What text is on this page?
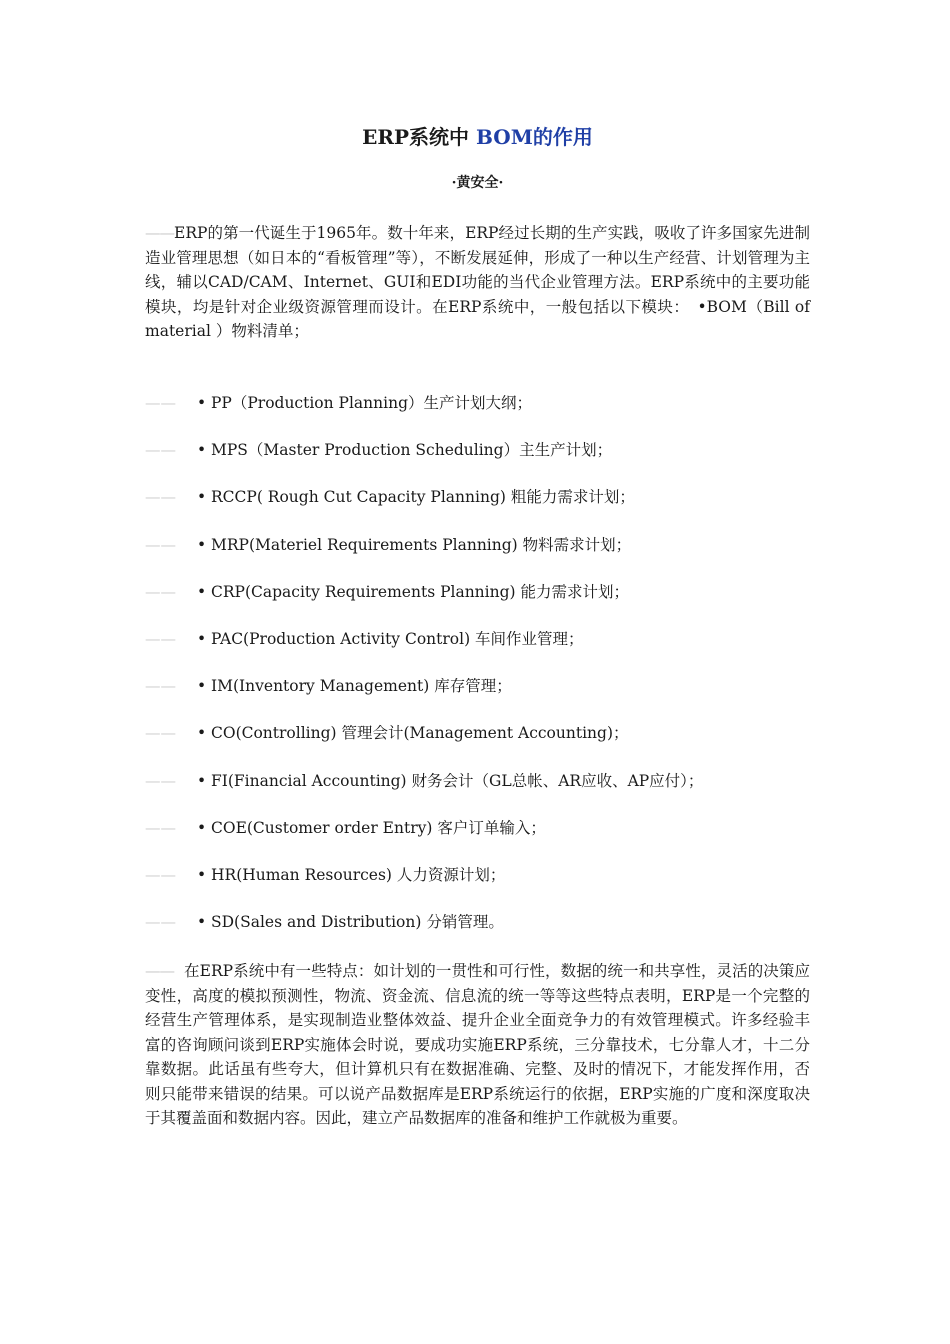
ERP系统中 BOM的作用
·黄安全·

——ERP的第一代诞生于1965年。数十年来，ERP经过长期的生产实践，吸收了许多国家先进制造业管理思想（如日本的“看板管理”等），不断发展延伸，形成了一种以生产经营、计划管理为主线，辅以CAD/CAM、Internet、GUI和EDI功能的当代企业管理方法。ERP系统中的主要功能模块，均是针对企业级资源管理而设计。在ERP系统中，一般包括以下模块：　•BOM（Bill of material ）物料清单；

—— • PP（Production Planning）生产计划大纲；
—— • MPS（Master Production Scheduling）主生产计划；
—— • RCCP( Rough Cut Capacity Planning) 粗能力需求计划；
—— • MRP(Materiel Requirements Planning) 物料需求计划；
—— • CRP(Capacity Requirements Planning) 能力需求计划；
—— • PAC(Production Activity Control) 车间作业管理；
—— • IM(Inventory Management) 库存管理；
—— • CO(Controlling) 管理会计(Management Accounting)；
—— • FI(Financial Accounting) 财务会计（GL总帐、AR应收、AP应付）；
—— • COE(Customer order Entry) 客户订单输入；
—— • HR(Human Resources) 人力资源计划；
—— • SD(Sales and Distribution) 分销管理。

—— 在ERP系统中有一些特点：如计划的一贯性和可行性，数据的统一和共享性，灵活的决策应变性，高度的模拟预测性，物流、资金流、信息流的统一等等这些特点表明，ERP是一个完整的经营生产管理体系，是实现制造业整体效益、提升企业全面竞争力的有效管理模式。许多经验丰富的咨询顾问谈到ERP实施体会时说，要成功实施ERP系统，三分靠技术，七分靠人才，十二分靠数据。此话虽有些夸大，但计算机只有在数据准确、完整、及时的情况下，才能发挥作用，否则只能带来错误的结果。可以说产品数据库是ERP系统运行的依据，ERP实施的广度和深度取决于其覆盖面和数据内容。因此，建立产品数据库的准备和维护工作就极为重要。
